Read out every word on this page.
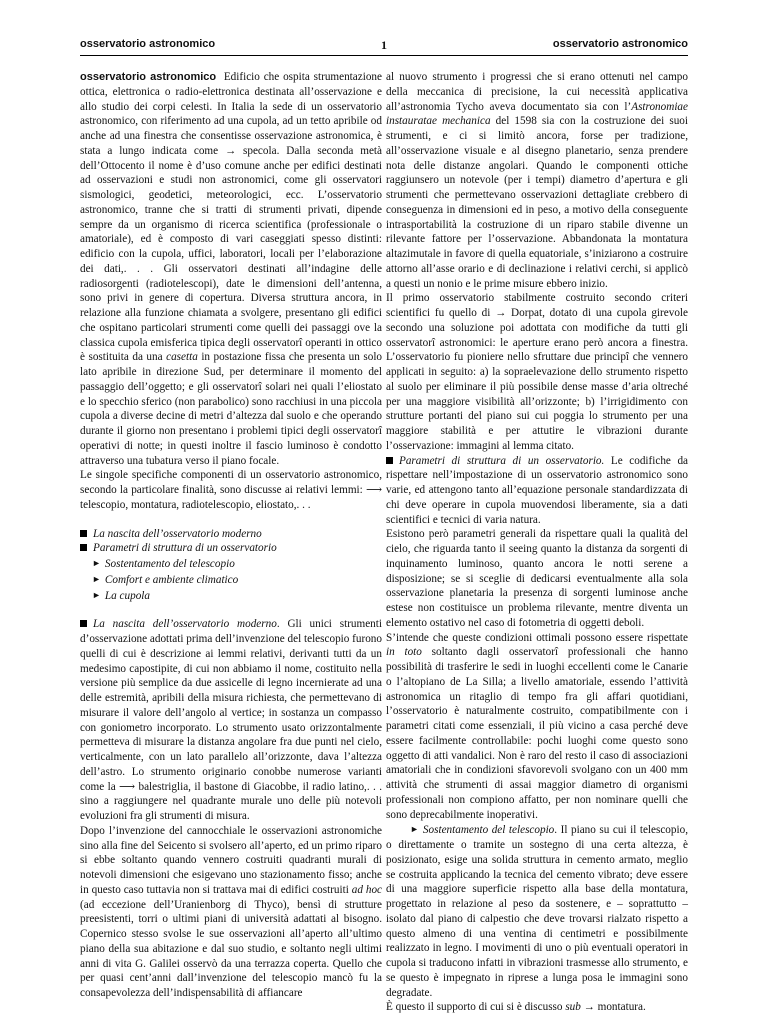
osservatorio astronomico	1	osservatorio astronomico

osservatorio astronomico Edificio che ospita strumentazione ottica, elettronica o radio-elettronica destinata all’osservazione e allo studio dei corpi celesti. In Italia la sede di un osservatorio astronomico, con riferimento ad una cupola, ad un tetto apribile od anche ad una finestra che consentisse osservazione astronomica, è stata a lungo indicata come → specola. Dalla seconda metà dell’Ottocento il nome è d’uso comune anche per edifici destinati ad osservazioni e studi non astronomici, come gli osservatori sismologici, geodetici, meteorologici, ecc. L’osservatorio astronomico, tranne che si tratti di strumenti privati, dipende sempre da un organismo di ricerca scientifica (professionale o amatoriale), ed è composto di vari caseggiati spesso distinti: edificio con la cupola, uffici, laboratori, locali per l’elaborazione dei dati,. . . Gli osservatori destinati all’indagine delle radiosorgenti (radiotelescopi), date le dimensioni dell’antenna, sono privi in genere di copertura. Diversa struttura ancora, in relazione alla funzione chiamata a svolgere, presentano gli edifici che ospitano particolari strumenti come quelli dei passaggi ove la classica cupola emisferica tipica degli osservatorî operanti in ottico è sostituita da una casetta in postazione fissa che presenta un solo lato apribile in direzione Sud, per determinare il momento del passaggio dell’oggetto; e gli osservatorî solari nei quali l’eliostato e lo specchio sferico (non parabolico) sono racchiusi in una piccola cupola a diverse decine di metri d’altezza dal suolo e che operando durante il giorno non presentano i problemi tipici degli osservatorî operativi di notte; in questi inoltre il fascio luminoso è condotto attraverso una tubatura verso il piano focale.

Le singole specifiche componenti di un osservatorio astronomico, secondo la particolare finalità, sono discusse ai relativi lemmi: ⟶ telescopio, montatura, radiotelescopio, eliostato,. . .

La nascita dell’osservatorio moderno
Parametri di struttura di un osservatorio
► Sostentamento del telescopio
► Comfort e ambiente climatico
► La cupola

La nascita dell’osservatorio moderno. Gli unici strumenti d’osservazione adottati prima dell’invenzione del telescopio furono quelli di cui è descrizione ai lemmi relativi, derivanti tutti da un medesimo capostipite, di cui non abbiamo il nome, costituito nella versione più semplice da due assicelle di legno incernierate ad una delle estremità, apribili della misura richiesta, che permettevano di misurare il valore dell’angolo al vertice; in sostanza un compasso con goniometro incorporato. Lo strumento usato orizzontalmente permetteva di misurare la distanza angolare fra due punti nel cielo, verticalmente, con un lato parallelo all’orizzonte, dava l’altezza dell’astro. Lo strumento originario conobbe numerose varianti come la ⟶ balestriglia, il bastone di Giacobbe, il radio latino,. . . sino a raggiungere nel quadrante murale uno delle più notevoli evoluzioni fra gli strumenti di misura.

Dopo l’invenzione del cannocchiale le osservazioni astronomiche sino alla fine del Seicento si svolsero all’aperto, ed un primo riparo si ebbe soltanto quando vennero costruiti quadranti murali di notevoli dimensioni che esigevano uno stazionamento fisso; anche in questo caso tuttavia non si trattava mai di edifici costruiti ad hoc (ad eccezione dell’Uranienborg di Thyco), bensì di strutture preesistenti, torri o ultimi piani di università adattati al bisogno. Copernico stesso svolse le sue osservazioni all’aperto all’ultimo piano della sua abitazione e dal suo studio, e soltanto negli ultimi anni di vita G. Galilei osservò da una terrazza coperta. Quello che per quasi cent’anni dall’invenzione del telescopio mancò fu la consapevolezza dell’indispensabilità di affiancare

al nuovo strumento i progressi che si erano ottenuti nel campo della meccanica di precisione, la cui necessità applicativa all’astronomia Tycho aveva documentato sia con l’Astronomiae instauratae mechanica del 1598 sia con la costruzione dei suoi strumenti, e ci si limitò ancora, forse per tradizione, all’osservazione visuale e al disegno planetario, senza prendere nota delle distanze angolari. Quando le componenti ottiche raggiunsero un notevole (per i tempi) diametro d’apertura e gli strumenti che permettevano osservazioni dettagliate crebbero di conseguenza in dimensioni ed in peso, a motivo della conseguente intrasportabilità la costruzione di un riparo stabile divenne un rilevante fattore per l’osservazione. Abbandonata la montatura altazimutale in favore di quella equatoriale, s’iniziarono a costruire attorno all’asse orario e di declinazione i relativi cerchi, si applicò a questi un nonio e le prime misure ebbero inizio.

Il primo osservatorio stabilmente costruito secondo criteri scientifici fu quello di → Dorpat, dotato di una cupola girevole secondo una soluzione poi adottata con modifiche da tutti gli osservatorî astronomici: le aperture erano però ancora a finestra. L’osservatorio fu pioniere nello sfruttare due principî che vennero applicati in seguito: a) la sopraelevazione dello strumento rispetto al suolo per eliminare il più possibile dense masse d’aria oltreché per una maggiore visibilità all’orizzonte; b) l’irrigidimento con strutture portanti del piano sui cui poggia lo strumento per una maggiore stabilità e per attutire le vibrazioni durante l’osservazione: immagini al lemma citato.

Parametri di struttura di un osservatorio. Le codifiche da rispettare nell’impostazione di un osservatorio astronomico sono varie, ed attengono tanto all’equazione personale standardizzata di chi deve operare in cupola muovendosi liberamente, sia a dati scientifici e tecnici di varia natura.

Esistono però parametri generali da rispettare quali la qualità del cielo, che riguarda tanto il seeing quanto la distanza da sorgenti di inquinamento luminoso, quanto ancora le notti serene a disposizione; se si sceglie di dedicarsi eventualmente alla sola osservazione planetaria la presenza di sorgenti luminose anche estese non costituisce un problema rilevante, mentre diventa un elemento ostativo nel caso di fotometria di oggetti deboli.

S’intende che queste condizioni ottimali possono essere rispettate in toto soltanto dagli osservatorî professionali che hanno possibilità di trasferire le sedi in luoghi eccellenti come le Canarie o l’altopiano de La Silla; a livello amatoriale, essendo l’attività astronomica un ritaglio di tempo fra gli affari quotidiani, l’osservatorio è naturalmente costruito, compatibilmente con i parametri citati come essenziali, il più vicino a casa perché deve essere facilmente controllabile: pochi luoghi come questo sono oggetto di atti vandalici. Non è raro del resto il caso di associazioni amatoriali che in condizioni sfavorevoli svolgano con un 400 mm attività che strumenti di assai maggior diametro di organismi professionali non compiono affatto, per non nominare quelli che sono deprecabilmente inoperativi.

► Sostentamento del telescopio. Il piano su cui il telescopio, o direttamente o tramite un sostegno di una certa altezza, è posizionato, esige una solida struttura in cemento armato, meglio se costruita applicando la tecnica del cemento vibrato; deve essere di una maggiore superficie rispetto alla base della montatura, progettato in relazione al peso da sostenere, e – soprattutto – isolato dal piano di calpestio che deve trovarsi rialzato rispetto a questo almeno di una ventina di centimetri e possibilmente realizzato in legno. I movimenti di uno o più eventuali operatori in cupola si traducono infatti in vibrazioni trasmesse allo strumento, e se questo è impegnato in riprese a lunga posa le immagini sono degradate.

È questo il supporto di cui si è discusso sub → montatura.
